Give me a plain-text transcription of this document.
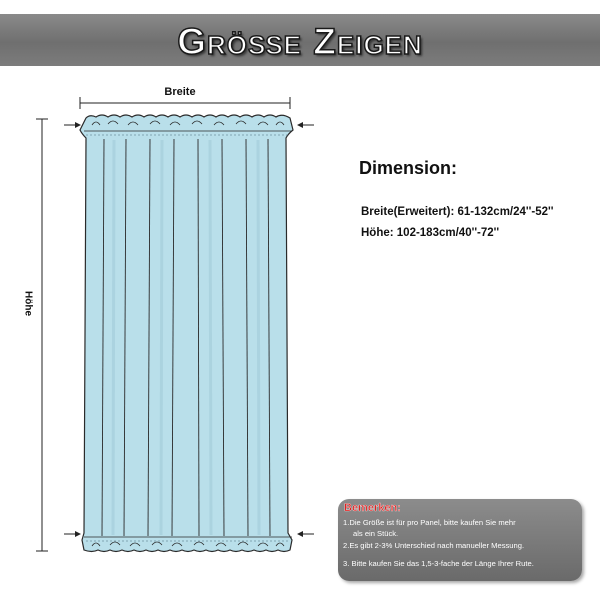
Größe Zeigen
Breite
Höhe
Dimension:
Breite(Erweitert): 61-132cm/24''-52''
Höhe: 102-183cm/40''-72''
Bemerken:
1.Die Größe ist für pro Panel, bitte kaufen Sie mehr
als ein Stück.
2.Es gibt 2-3% Unterschied nach manueller Messung.
3. Bitte kaufen Sie das 1,5-3-fache der Länge Ihrer Rute.
